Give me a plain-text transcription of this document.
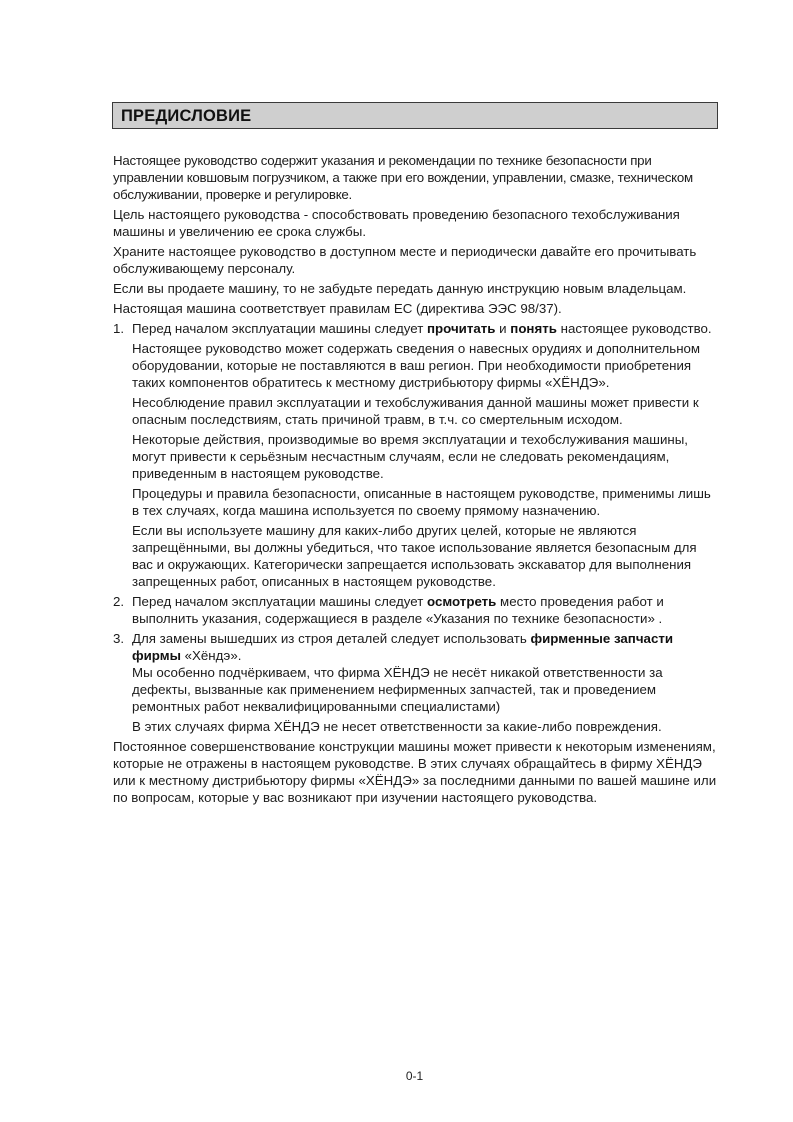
ПРЕДИСЛОВИЕ

Настоящее руководство содержит указания и рекомендации по технике безопасности при управлении ковшовым погрузчиком, а также при его вождении, управлении, смазке, техническом обслуживании, проверке и регулировке.

Цель настоящего руководства - способствовать проведению безопасного техобслуживания машины и увеличению ее срока службы.

Храните настоящее руководство в доступном месте и периодически давайте его прочитывать обслуживающему персоналу.

Если вы продаете машину, то не забудьте передать данную инструкцию новым владельцам.

Настоящая машина соответствует правилам ЕС (директива ЭЭС 98/37).

1. Перед началом эксплуатации машины следует прочитать и понять настоящее руководство.

Настоящее руководство может содержать сведения о навесных орудиях и дополнительном оборудовании, которые не поставляются в ваш регион. При необходимости приобретения таких компонентов обратитесь к местному дистрибьютору фирмы «ХЁНДЭ».

Несоблюдение правил эксплуатации и техобслуживания данной машины может привести к опасным последствиям, стать причиной травм, в т.ч. со смертельным исходом.

Некоторые действия, производимые во время эксплуатации и техобслуживания машины, могут привести к серьёзным несчастным случаям, если не следовать рекомендациям, приведенным в настоящем руководстве.

Процедуры и правила безопасности, описанные в настоящем руководстве, применимы лишь в тех случаях, когда машина используется по своему прямому назначению.

Если вы используете машину для каких-либо других целей, которые не являются запрещёнными, вы должны убедиться, что такое использование является безопасным для вас и окружающих. Категорически запрещается использовать экскаватор для выполнения запрещенных работ, описанных в настоящем руководстве.

2. Перед началом эксплуатации машины следует осмотреть место проведения работ и выполнить указания, содержащиеся в разделе «Указания по технике безопасности» .

3. Для замены вышедших из строя деталей следует использовать фирменные запчасти фирмы «Хёндэ».

Мы особенно подчёркиваем, что фирма ХЁНДЭ не несёт никакой ответственности за дефекты, вызванные как применением нефирменных запчастей, так и проведением ремонтных работ неквалифицированными специалистами)

В этих случаях фирма ХЁНДЭ не несет ответственности за какие-либо повреждения.

Постоянное совершенствование конструкции машины может привести к некоторым изменениям, которые не отражены в настоящем руководстве. В этих случаях обращайтесь в фирму ХЁНДЭ или к местному дистрибьютору фирмы «ХЁНДЭ» за последними данными по вашей машине или по вопросам, которые у вас возникают при изучении настоящего руководства.

0-1
